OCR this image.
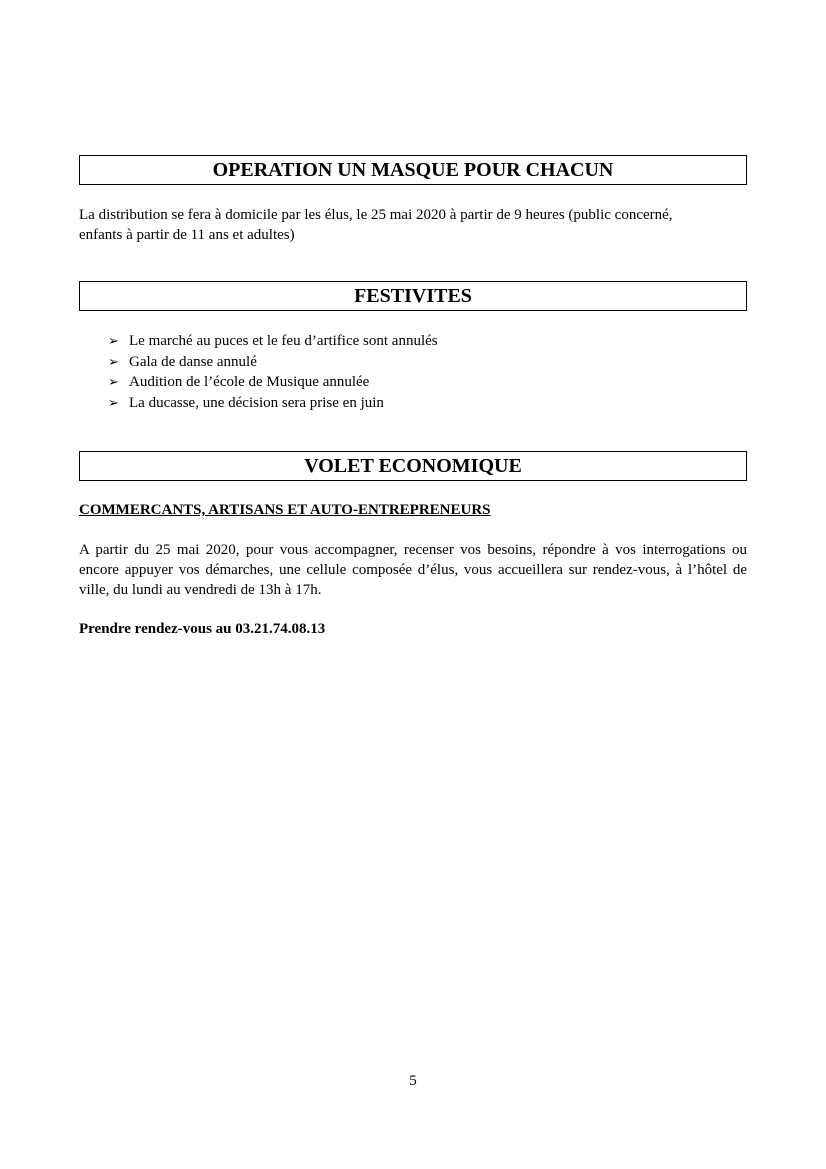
OPERATION UN MASQUE POUR CHACUN
La distribution se fera à domicile par les élus, le 25 mai 2020 à partir de 9 heures (public concerné,
enfants à partir de 11 ans et adultes)
FESTIVITES
➢ Le marché au puces et le feu d’artifice sont annulés
➢ Gala de danse annulé
➢ Audition de l’école de Musique annulée
➢ La ducasse, une décision sera prise en juin
VOLET ECONOMIQUE
COMMERCANTS, ARTISANS ET AUTO-ENTREPRENEURS
A partir du 25 mai 2020, pour vous accompagner, recenser vos besoins, répondre à vos interrogations ou encore appuyer vos démarches, une cellule composée d’élus, vous accueillera sur rendez-vous, à l’hôtel de ville, du lundi au vendredi de 13h à 17h.
Prendre rendez-vous au 03.21.74.08.13
5
